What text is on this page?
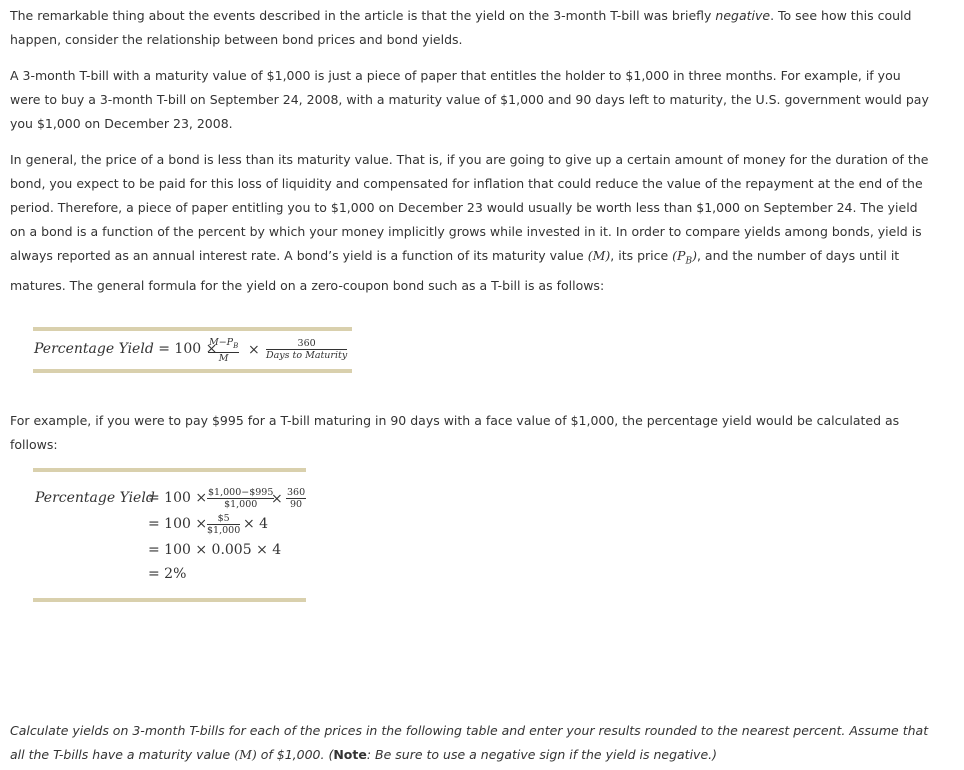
The remarkable thing about the events described in the article is that the yield on the 3-month T-bill was briefly negative. To see how this could happen, consider the relationship between bond prices and bond yields.
A 3-month T-bill with a maturity value of $1,000 is just a piece of paper that entitles the holder to $1,000 in three months. For example, if you were to buy a 3-month T-bill on September 24, 2008, with a maturity value of $1,000 and 90 days left to maturity, the U.S. government would pay you $1,000 on December 23, 2008.
In general, the price of a bond is less than its maturity value. That is, if you are going to give up a certain amount of money for the duration of the bond, you expect to be paid for this loss of liquidity and compensated for inflation that could reduce the value of the repayment at the end of the period. Therefore, a piece of paper entitling you to $1,000 on December 23 would usually be worth less than $1,000 on September 24. The yield on a bond is a function of the percent by which your money implicitly grows while invested in it. In order to compare yields among bonds, yield is always reported as an annual interest rate. A bond’s yield is a function of its maturity value (M), its price $(P_B)$, and the number of days until it matures. The general formula for the yield on a zero-coupon bond such as a T-bill is as follows:
Percentage Yield = 100 ×
$\frac{M-P_B}{M}$ ×	360
Days to Maturity
For example, if you were to pay $995 for a T-bill maturing in 90 days with a face value of $1,000, the percentage yield would be calculated as follows:
Percentage Yield
= $100 \times \frac{\$1,000-\$995}{\$1,000}$
× $\frac{360}{90}$
= $100 \times \frac{\$5}{\$1,000} \times 4$
= 100 × 0.005 × 4
= 2%
Calculate yields on 3-month T-bills for each of the prices in the following table and enter your results rounded to the nearest percent. Assume that all the T-bills have a maturity value (M) of $1,000. (Note: Be sure to use a negative sign if the yield is negative.)
